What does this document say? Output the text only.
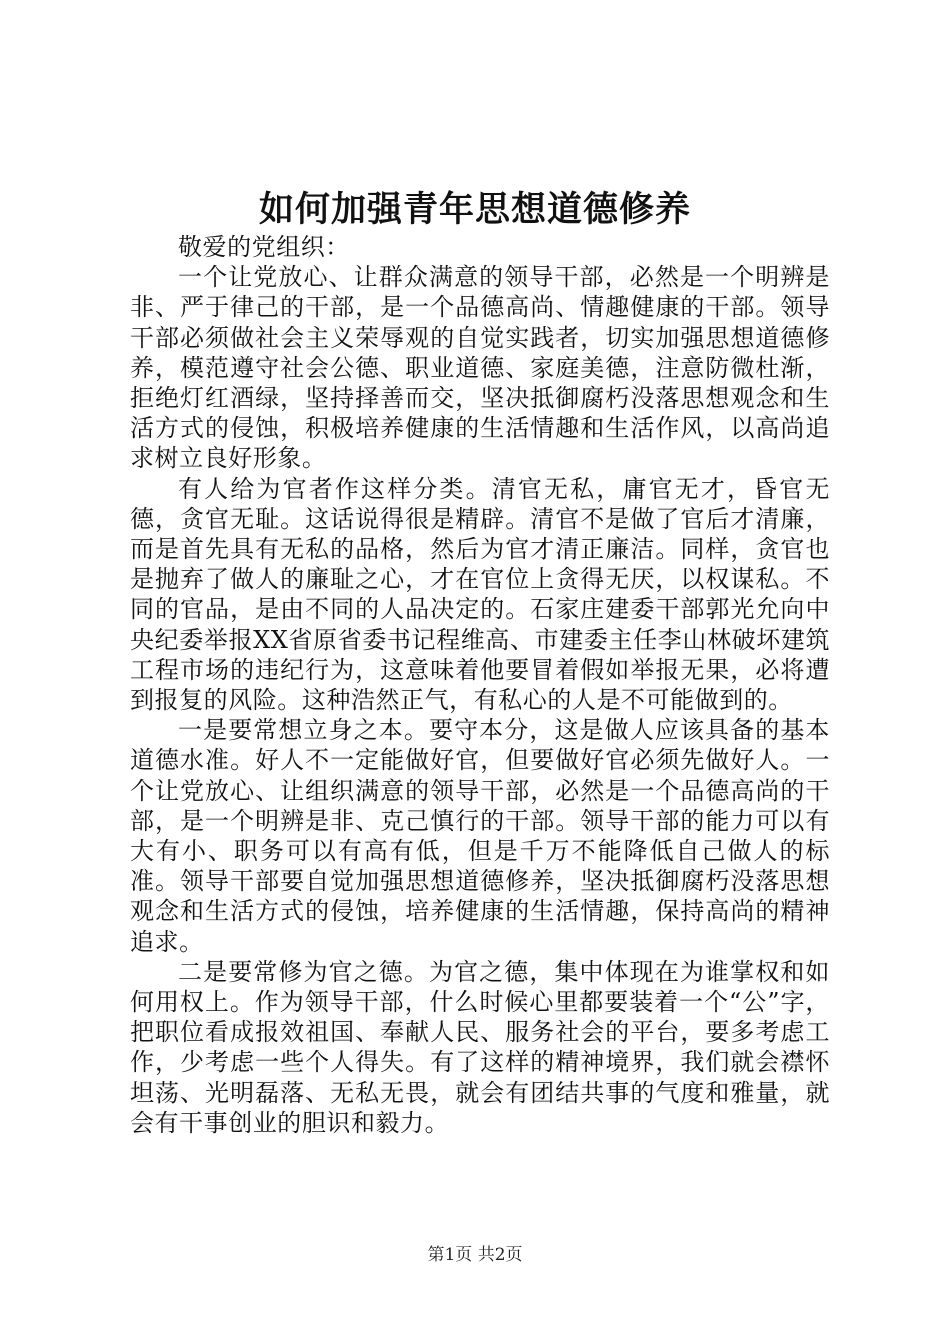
如何加强青年思想道德修养

敬爱的党组织：

一个让党放心、让群众满意的领导干部，必然是一个明辨是非、严于律己的干部，是一个品德高尚、情趣健康的干部。领导干部必须做社会主义荣辱观的自觉实践者，切实加强思想道德修养，模范遵守社会公德、职业道德、家庭美德，注意防微杜渐，拒绝灯红酒绿，坚持择善而交，坚决抵御腐朽没落思想观念和生活方式的侵蚀，积极培养健康的生活情趣和生活作风，以高尚追求树立良好形象。

有人给为官者作这样分类。清官无私，庸官无才，昏官无德，贪官无耻。这话说得很是精辟。清官不是做了官后才清廉，而是首先具有无私的品格，然后为官才清正廉洁。同样，贪官也是抛弃了做人的廉耻之心，才在官位上贪得无厌，以权谋私。不同的官品，是由不同的人品决定的。石家庄建委干部郭光允向中央纪委举报XX省原省委书记程维高、市建委主任李山林破坏建筑工程市场的违纪行为，这意味着他要冒着假如举报无果，必将遭到报复的风险。这种浩然正气，有私心的人是不可能做到的。

一是要常想立身之本。要守本分，这是做人应该具备的基本道德水准。好人不一定能做好官，但要做好官必须先做好人。一个让党放心、让组织满意的领导干部，必然是一个品德高尚的干部，是一个明辨是非、克己慎行的干部。领导干部的能力可以有大有小、职务可以有高有低，但是千万不能降低自己做人的标准。领导干部要自觉加强思想道德修养，坚决抵御腐朽没落思想观念和生活方式的侵蚀，培养健康的生活情趣，保持高尚的精神追求。

二是要常修为官之德。为官之德，集中体现在为谁掌权和如何用权上。作为领导干部，什么时候心里都要装着一个“公”字，把职位看成报效祖国、奉献人民、服务社会的平台，要多考虑工作，少考虑一些个人得失。有了这样的精神境界，我们就会襟怀坦荡、光明磊落、无私无畏，就会有团结共事的气度和雅量，就会有干事创业的胆识和毅力。

第1页 共2页
